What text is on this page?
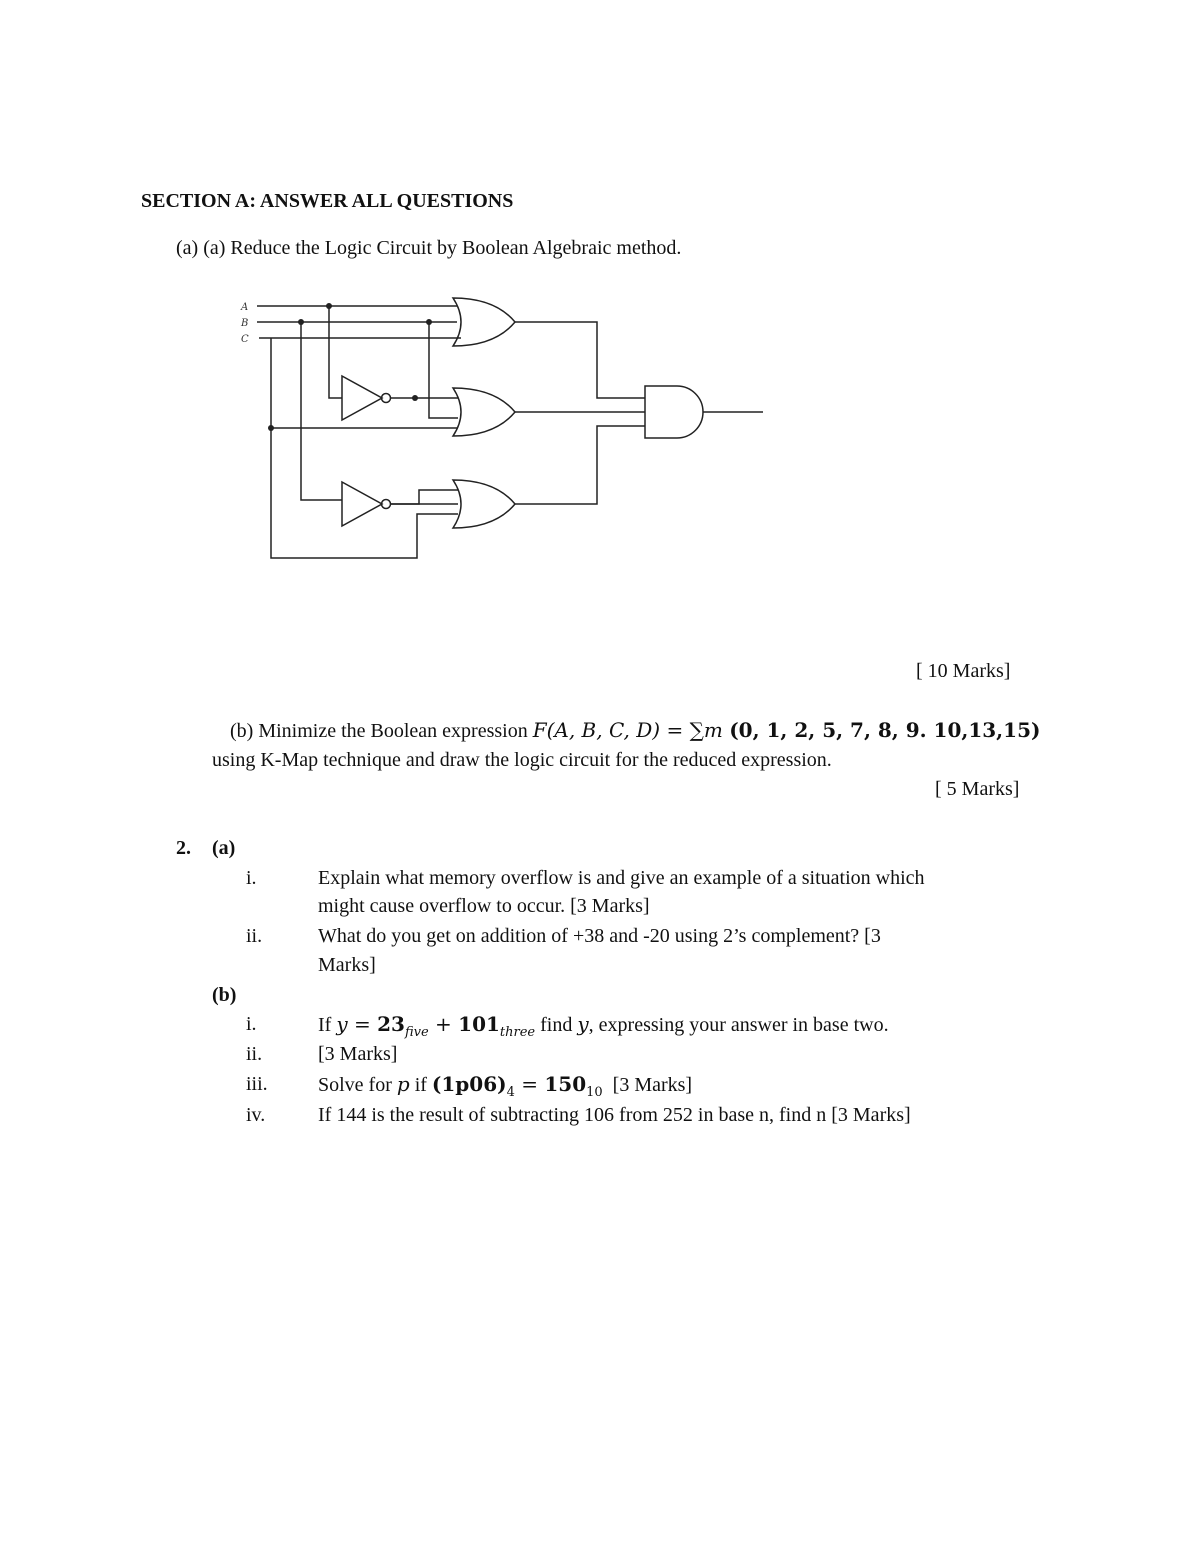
SECTION A: ANSWER ALL QUESTIONS
(a) (a) Reduce the Logic Circuit by Boolean Algebraic method.
A
B
C
[ 10 Marks]
(b) Minimize the Boolean expression F(A, B, C, D) = ∑m (0, 1, 2, 5, 7, 8, 9. 10,13,15)
using K-Map technique and draw the logic circuit for the reduced expression.
[ 5 Marks]
2. (a)
i.	Explain what memory overflow is and give an example of a situation which
might cause overflow to occur. [3 Marks]
ii.	What do you get on addition of +38 and -20 using 2’s complement? [3
Marks]
(b)
i.	If $y = 23_{five} + 101_{three}$ find y, expressing your answer in base two.
ii.	[3 Marks]
iii.	Solve for p if $(1p06)_4 = 150_{10}$  [3 Marks]
iv.	If 144 is the result of subtracting 106 from 252 in base n, find n [3 Marks]
